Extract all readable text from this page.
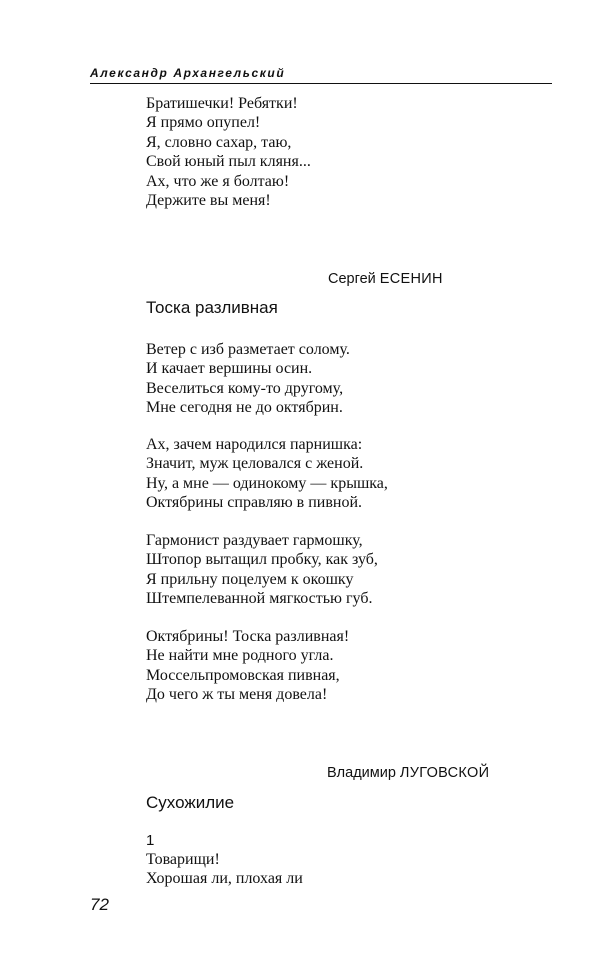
Александр Архангельский
Братишечки! Ребятки!
Я прямо опупел!
Я, словно сахар, таю,
Свой юный пыл кляня...
Ах, что же я болтаю!
Держите вы меня!
Сергей ЕСЕНИН
Тоска разливная
Ветер с изб разметает солому.
И качает вершины осин.
Веселиться кому-то другому,
Мне сегодня не до октябрин.
Ах, зачем народился парнишка:
Значит, муж целовался с женой.
Ну, а мне — одинокому — крышка,
Октябрины справляю в пивной.
Гармонист раздувает гармошку,
Штопор вытащил пробку, как зуб,
Я прильну поцелуем к окошку
Штемпелеванной мягкостью губ.
Октябрины! Тоска разливная!
Не найти мне родного угла.
Моссельпромовская пивная,
До чего ж ты меня довела!
Владимир ЛУГОВСКОЙ
Сухожилие
1
Товарищи!
Хорошая ли, плохая ли
72
